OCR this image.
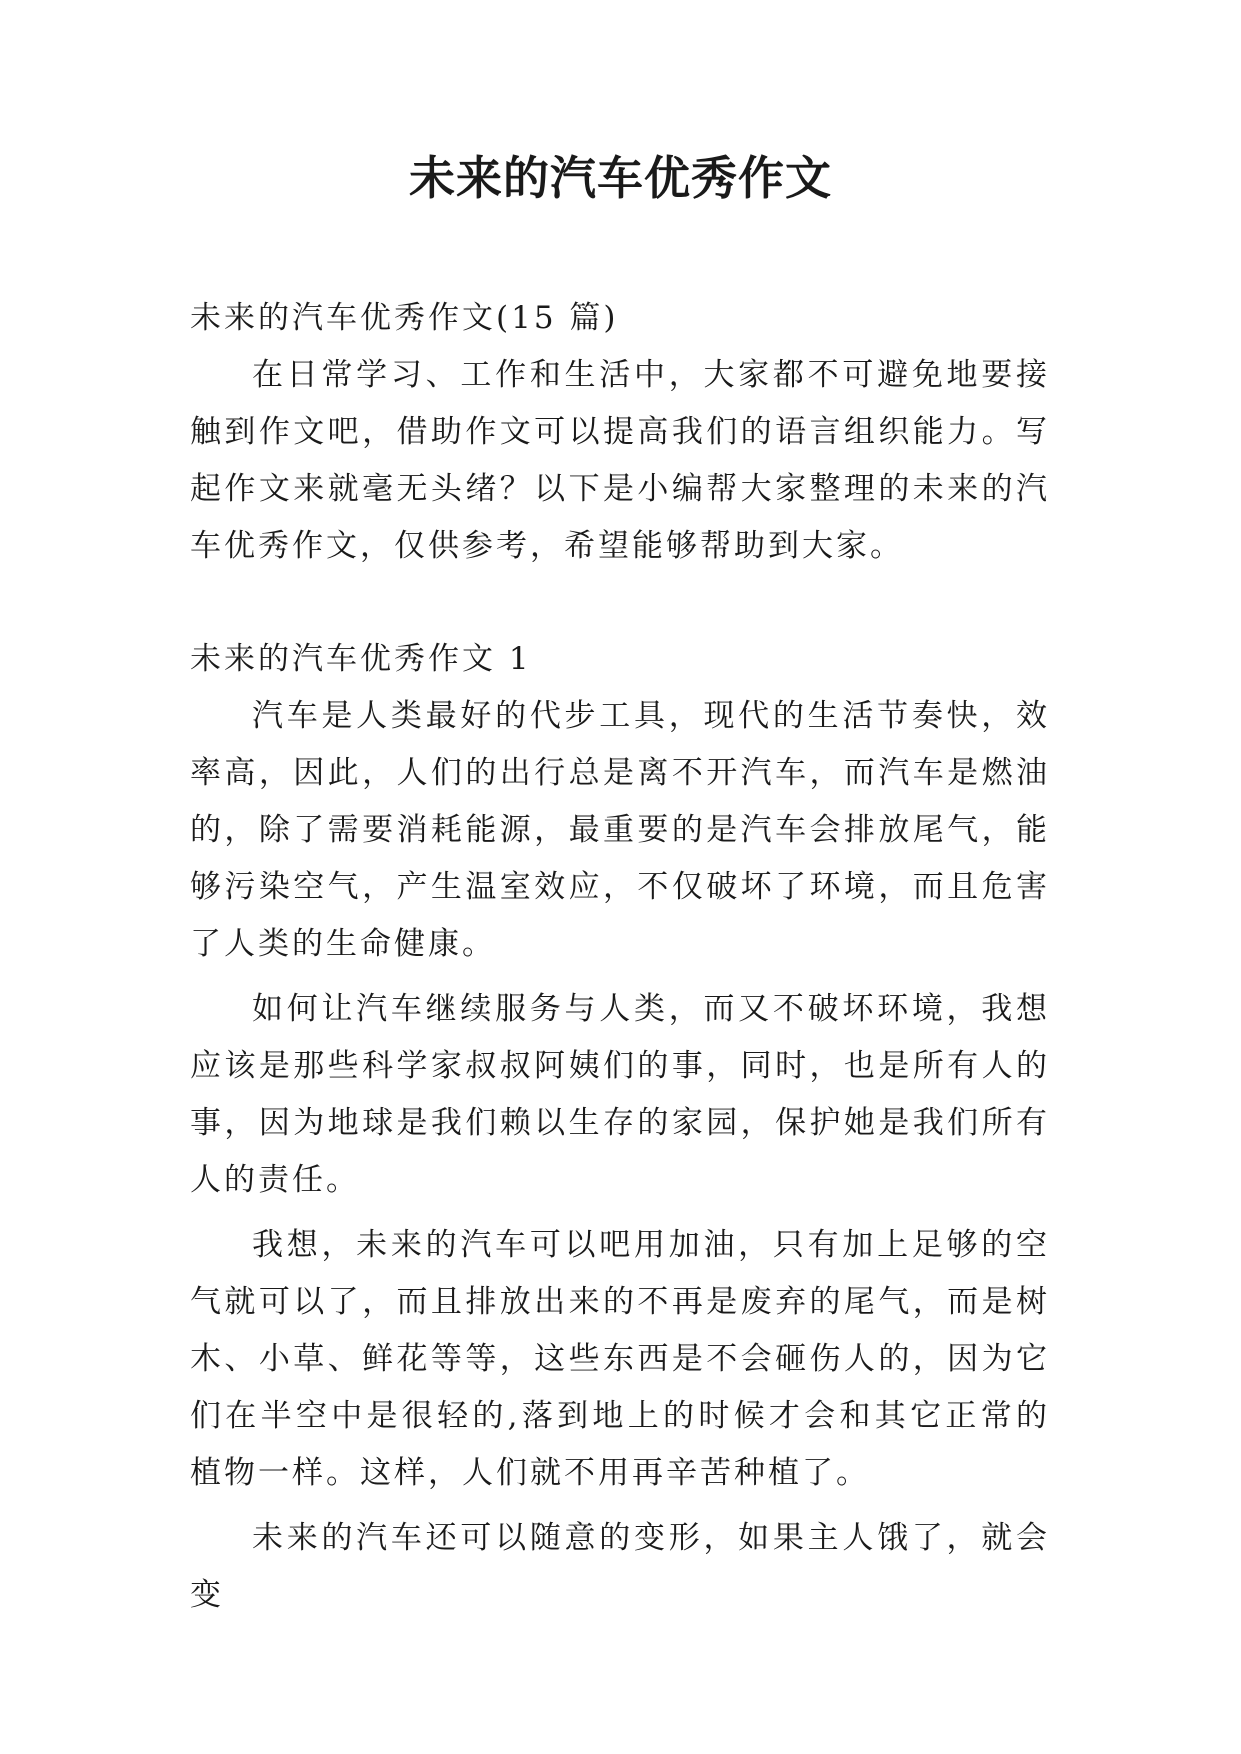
未来的汽车优秀作文

未来的汽车优秀作文(15 篇)

在日常学习、工作和生活中，大家都不可避免地要接触到作文吧，借助作文可以提高我们的语言组织能力。写起作文来就毫无头绪？以下是小编帮大家整理的未来的汽车优秀作文，仅供参考，希望能够帮助到大家。

未来的汽车优秀作文 1

汽车是人类最好的代步工具，现代的生活节奏快，效率高，因此，人们的出行总是离不开汽车，而汽车是燃油的，除了需要消耗能源，最重要的是汽车会排放尾气，能够污染空气，产生温室效应，不仅破坏了环境，而且危害了人类的生命健康。

如何让汽车继续服务与人类，而又不破坏环境，我想应该是那些科学家叔叔阿姨们的事，同时，也是所有人的事，因为地球是我们赖以生存的家园，保护她是我们所有人的责任。

我想，未来的汽车可以吧用加油，只有加上足够的空气就可以了，而且排放出来的不再是废弃的尾气，而是树木、小草、鲜花等等，这些东西是不会砸伤人的，因为它们在半空中是很轻的,落到地上的时候才会和其它正常的植物一样。这样，人们就不用再辛苦种植了。

未来的汽车还可以随意的变形，如果主人饿了，就会变
